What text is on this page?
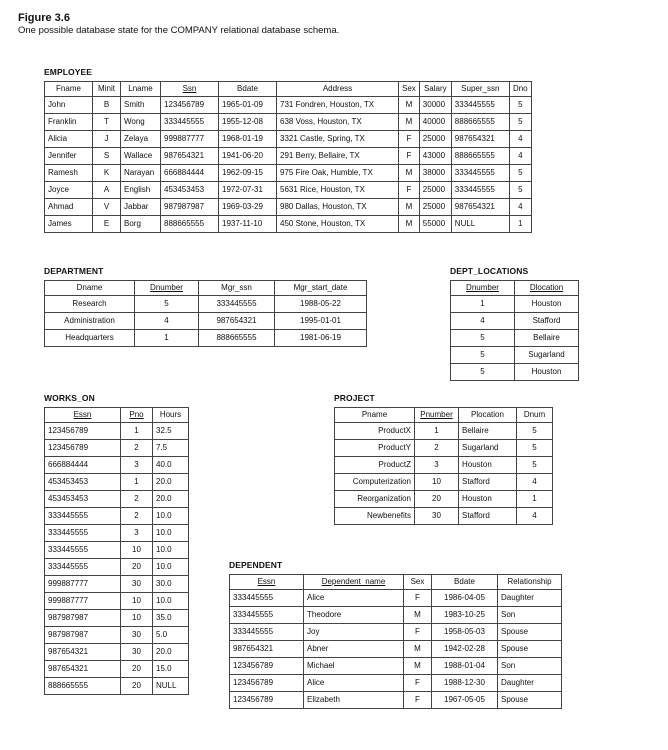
Figure 3.6
One possible database state for the COMPANY relational database schema.
EMPLOYEE
Fname	Minit	Lname	Ssn	Bdate	Address	Sex	Salary	Super_ssn	Dno
John	B	Smith	123456789	1965-01-09	731 Fondren, Houston, TX	M	30000	333445555	5
Franklin	T	Wong	333445555	1955-12-08	638 Voss, Houston, TX	M	40000	888665555	5
Alicia	J	Zelaya	999887777	1968-01-19	3321 Castle, Spring, TX	F	25000	987654321	4
Jennifer	S	Wallace	987654321	1941-06-20	291 Berry, Bellaire, TX	F	43000	888665555	4
Ramesh	K	Narayan	666884444	1962-09-15	975 Fire Oak, Humble, TX	M	38000	333445555	5
Joyce	A	English	453453453	1972-07-31	5631 Rice, Houston, TX	F	25000	333445555	5
Ahmad	V	Jabbar	987987987	1969-03-29	980 Dallas, Houston, TX	M	25000	987654321	4
James	E	Borg	888665555	1937-11-10	450 Stone, Houston, TX	M	55000	NULL	1
DEPARTMENT
Dname	Dnumber	Mgr_ssn	Mgr_start_date
Research	5	333445555	1988-05-22
Administration	4	987654321	1995-01-01
Headquarters	1	888665555	1981-06-19
DEPT_LOCATIONS
Dnumber	Dlocation
1	Houston
4	Stafford
5	Bellaire
5	Sugarland
5	Houston
WORKS_ON
Essn	Pno	Hours
123456789	1	32.5
123456789	2	7.5
666884444	3	40.0
453453453	1	20.0
453453453	2	20.0
333445555	2	10.0
333445555	3	10.0
333445555	10	10.0
333445555	20	10.0
999887777	30	30.0
999887777	10	10.0
987987987	10	35.0
987987987	30	5.0
987654321	30	20.0
987654321	20	15.0
888665555	20	NULL
PROJECT
Pname	Pnumber	Plocation	Dnum
ProductX	1	Bellaire	5
ProductY	2	Sugarland	5
ProductZ	3	Houston	5
Computerization	10	Stafford	4
Reorganization	20	Houston	1
Newbenefits	30	Stafford	4
DEPENDENT
Essn	Dependent_name	Sex	Bdate	Relationship
333445555	Alice	F	1986-04-05	Daughter
333445555	Theodore	M	1983-10-25	Son
333445555	Joy	F	1958-05-03	Spouse
987654321	Abner	M	1942-02-28	Spouse
123456789	Michael	M	1988-01-04	Son
123456789	Alice	F	1988-12-30	Daughter
123456789	Elizabeth	F	1967-05-05	Spouse
